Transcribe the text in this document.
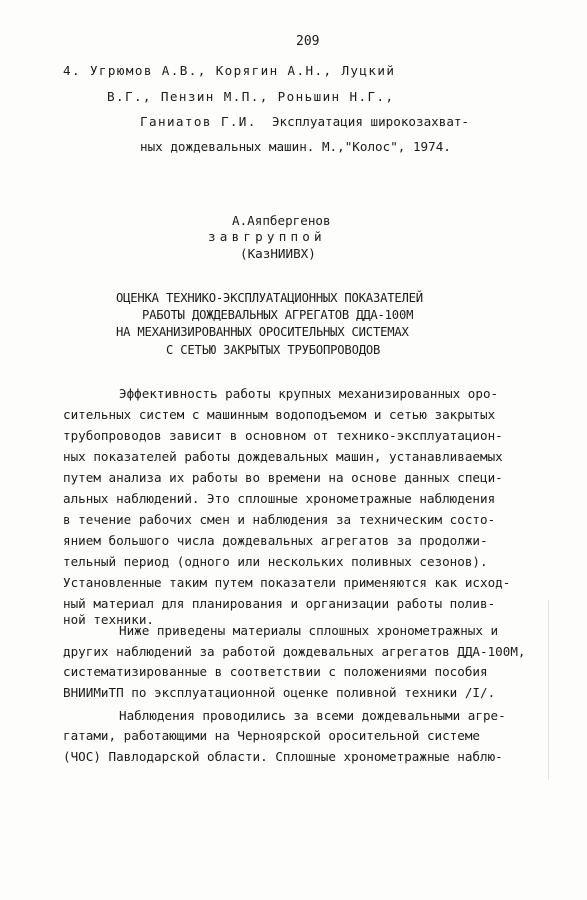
209
4. Угрюмов А.В., Корягин А.Н., Луцкий
В.Г., Пензин М.П., Роньшин Н.Г.,
Ганиатов Г.И. Эксплуатация широкозахват-
ных дождевальных машин. М.,"Колос", 1974.
А.Аяпбергенов
завгруппой
(КазНИИВХ)
ОЦЕНКА ТЕХНИКО-ЭКСПЛУАТАЦИОННЫХ ПОКАЗАТЕЛЕЙ
РАБОТЫ ДОЖДЕВАЛЬНЫХ АГРЕГАТОВ ДДА-100М
НА МЕХАНИЗИРОВАННЫХ ОРОСИТЕЛЬНЫХ СИСТЕМАХ
С СЕТЬЮ ЗАКРЫТЫХ ТРУБОПРОВОДОВ
Эффективность работы крупных механизированных оро-
сительных систем с машинным водоподъемом и сетью закрытых
трубопроводов зависит в основном от технико-эксплуатацион-
ных показателей работы дождевальных машин, устанавливаемых
путем анализа их работы во времени на основе данных специ-
альных наблюдений. Это сплошные хронометражные наблюдения
в течение рабочих смен и наблюдения за техническим состо-
янием большого числа дождевальных агрегатов за продолжи-
тельный период (одного или нескольких поливных сезонов).
Установленные таким путем показатели применяются как исход-
ный материал для планирования и организации работы полив-
ной техники.
Ниже приведены материалы сплошных хронометражных и
других наблюдений за работой дождевальных агрегатов ДДА-100М,
систематизированные в соответствии с положениями пособия
ВНИИМиТП по эксплуатационной оценке поливной техники /I/.
Наблюдения проводились за всеми дождевальными агре-
гатами, работающими на Черноярской оросительной системе
(ЧОС) Павлодарской области. Сплошные хронометражные наблю-
